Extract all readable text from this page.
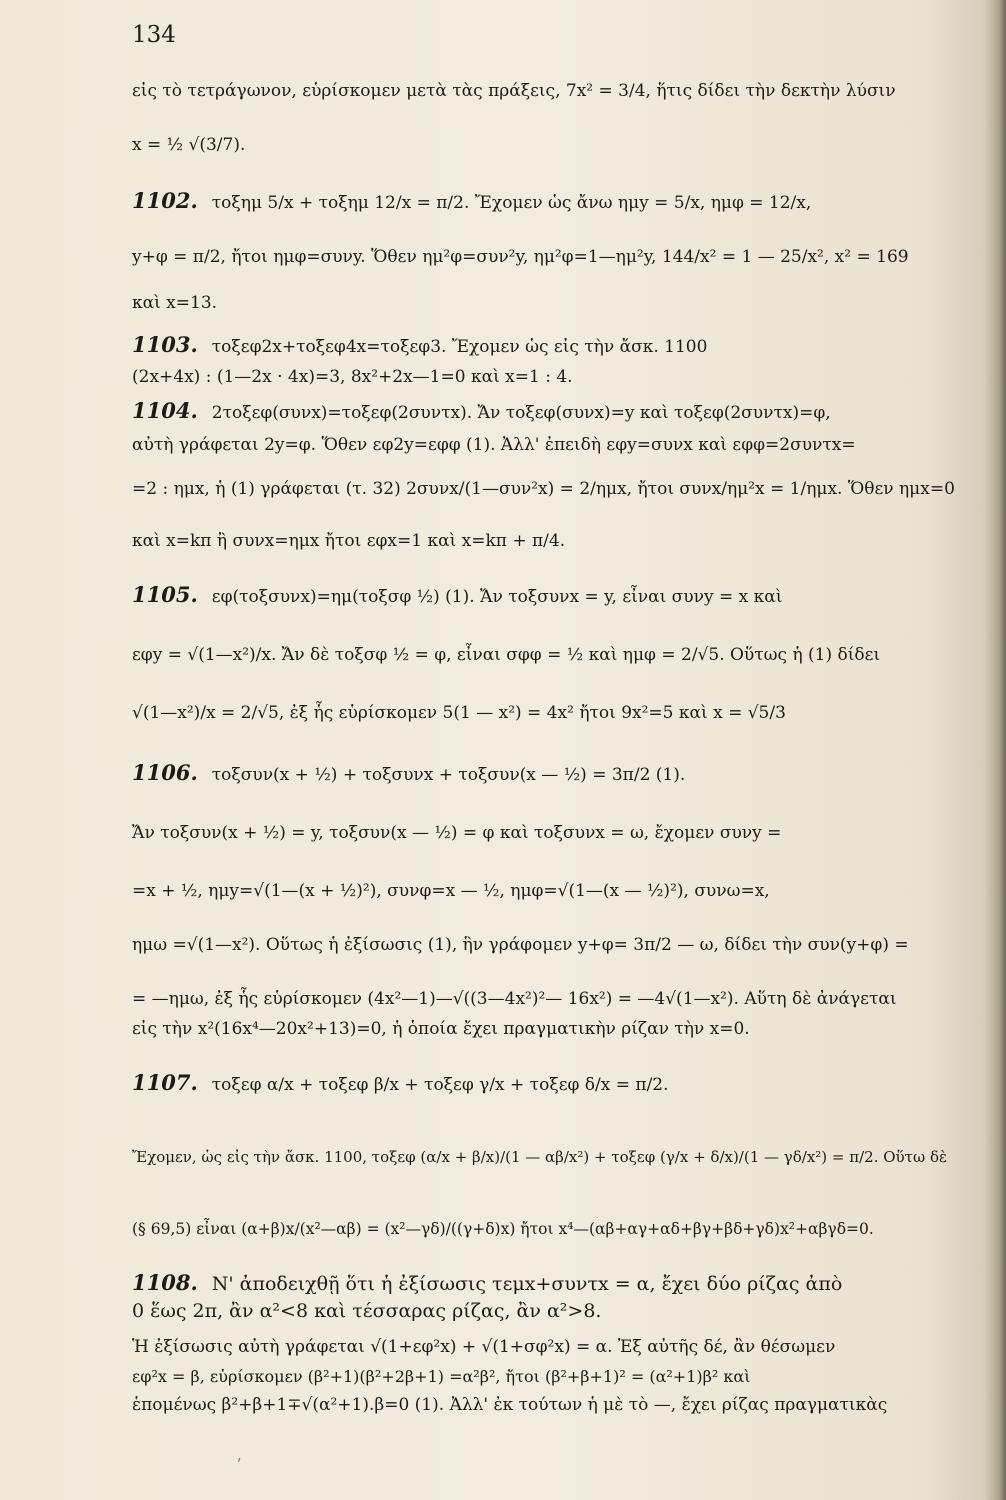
134
εἰς τὸ τετράγωνον, εὑρίσκομεν μετὰ τὰς πράξεις, 7x² = 3/4, ἥτις δίδει τὴν δεκτὴν λύσιν
x = ½ √(3/7).
1102. τοξημ 5/x + τοξημ 12/x = π/2. Ἔχομεν ὡς ἄνω ημy = 5/x, ημφ = 12/x,
y+φ = π/2, ἤτοι ημφ=συνy. Ὅθεν ημ²φ=συν²y, ημ²φ=1—ημ²y, 144/x² = 1 — 25/x², x² = 169
καὶ x=13.
1103. τοξεφ2x+τοξεφ4x=τοξεφ3. Ἔχομεν ὡς εἰς τὴν ἄσκ. 1100
(2x+4x) : (1—2x · 4x)=3, 8x²+2x—1=0 καὶ x=1 : 4.
1104. 2τοξεφ(συνx)=τοξεφ(2συντx). Ἄν τοξεφ(συνx)=y καὶ τοξεφ(2συντx)=φ,
αὐτὴ γράφεται 2y=φ. Ὅθεν εφ2y=εφφ (1). Ἀλλ' ἐπειδὴ εφy=συνx καὶ εφφ=2συντx=
=2 : ημx, ἡ (1) γράφεται (τ. 32) 2συνx/(1—συν²x) = 2/ημx, ἤτοι συνx/ημ²x = 1/ημx. Ὅθεν ημx=0
καὶ x=kπ ἢ συνx=ημx ἤτοι εφx=1 καὶ x=kπ + π/4.
1105. εφ(τοξσυνx)=ημ(τοξσφ ½) (1). Ἄν τοξσυνx = y, εἶναι συνy = x καὶ
εφy = √(1—x²)/x. Ἄν δὲ τοξσφ ½ = φ, εἶναι σφφ = ½ καὶ ημφ = 2/√5. Οὕτως ἡ (1) δίδει
√(1—x²)/x = 2/√5, ἐξ ἧς εὑρίσκομεν 5(1 — x²) = 4x² ἤτοι 9x²=5 καὶ x = √5/3
1106. τοξσυν(x + ½) + τοξσυνx + τοξσυν(x — ½) = 3π/2 (1).
Ἄν τοξσυν(x + ½) = y, τοξσυν(x — ½) = φ καὶ τοξσυνx = ω, ἔχομεν συνy =
=x + ½, ημy=√(1—(x + ½)²), συνφ=x — ½, ημφ=√(1—(x — ½)²), συνω=x,
ημω =√(1—x²). Οὕτως ἡ ἐξίσωσις (1), ἣν γράφομεν y+φ= 3π/2 — ω, δίδει τὴν συν(y+φ) =
= —ημω, ἐξ ἧς εὑρίσκομεν (4x²—1)—√((3—4x²)²— 16x²) = —4√(1—x²). Αὕτη δὲ ἀνάγεται
εἰς τὴν x²(16x⁴—20x²+13)=0, ἡ ὁποία ἔχει πραγματικὴν ρίζαν τὴν x=0.
1107. τοξεφ α/x + τοξεφ β/x + τοξεφ γ/x + τοξεφ δ/x = π/2.
Ἔχομεν, ὡς εἰς τὴν ἄσκ. 1100, τοξεφ (α/x + β/x)/(1 — αβ/x²) + τοξεφ (γ/x + δ/x)/(1 — γδ/x²) = π/2. Οὕτω δὲ
(§ 69,5) εἶναι (α+β)x/(x²—αβ) = (x²—γδ)/((γ+δ)x) ἤτοι x⁴—(αβ+αγ+αδ+βγ+βδ+γδ)x²+αβγδ=0.
1108. Ν' ἀποδειχθῇ ὅτι ἡ ἐξίσωσις τεμx+συντx = α, ἔχει δύο ρίζας ἀπὸ
0 ἕως 2π, ἂν α²<8 καὶ τέσσαρας ρίζας, ἂν α²>8.
Ἡ ἐξίσωσις αὐτὴ γράφεται √(1+εφ²x) + √(1+σφ²x) = α. Ἐξ αὐτῆς δέ, ἂν θέσωμεν
εφ²x = β, εὑρίσκομεν (β²+1)(β²+2β+1) =α²β², ἤτοι (β²+β+1)² = (α²+1)β² καὶ
ἑπομένως β²+β+1∓√(α²+1).β=0 (1). Ἀλλ' ἐκ τούτων ἡ μὲ τὸ —, ἔχει ρίζας πραγματικὰς
ʼ
